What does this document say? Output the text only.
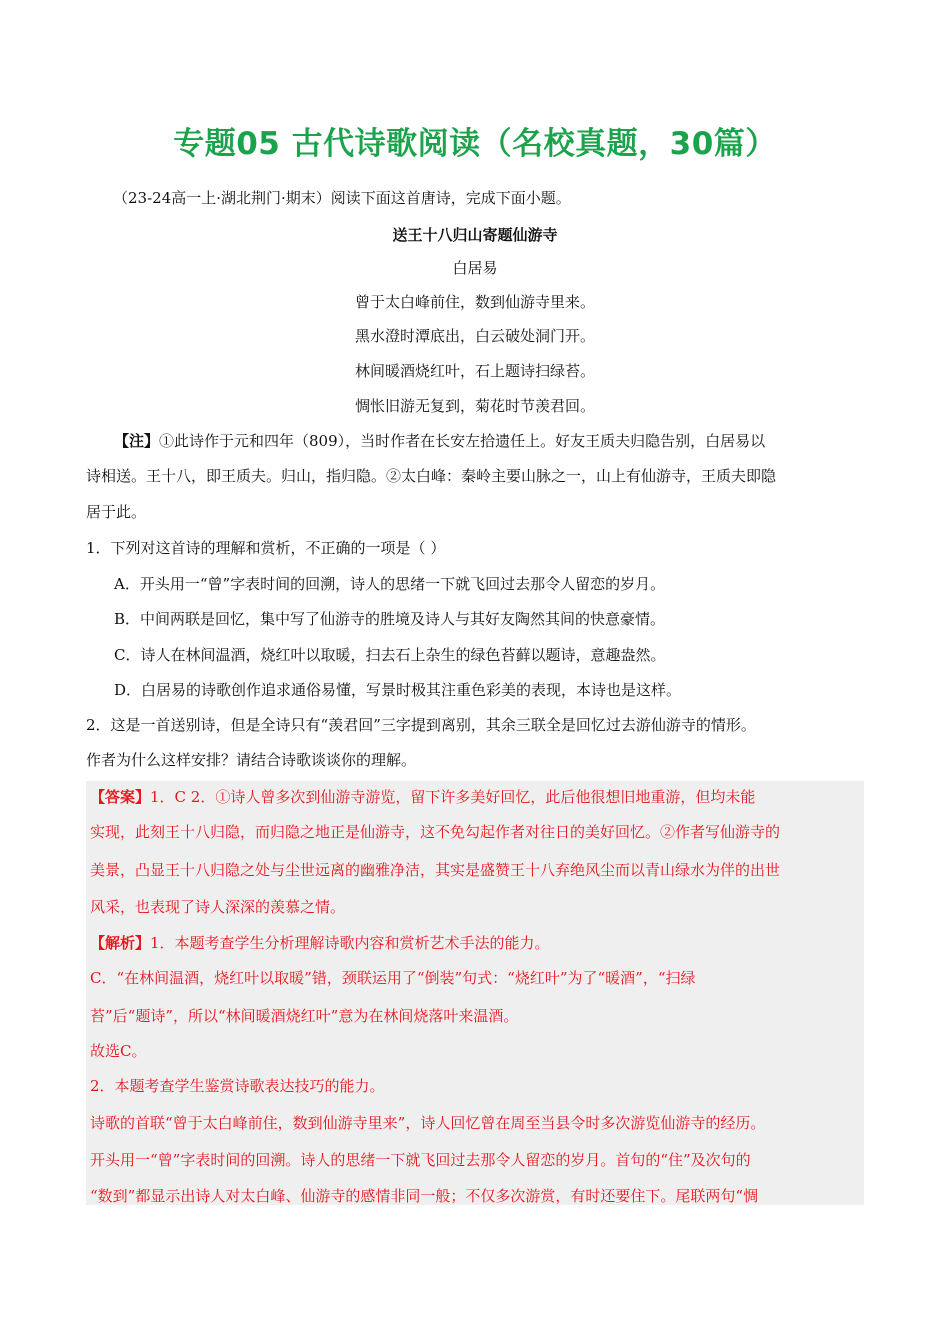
专题05 古代诗歌阅读（名校真题，30篇）
（23-24高一上·湖北荆门·期末）阅读下面这首唐诗，完成下面小题。
送王十八归山寄题仙游寺
白居易
曾于太白峰前住，数到仙游寺里来。
黑水澄时潭底出，白云破处洞门开。
林间暖酒烧红叶，石上题诗扫绿苔。
惆怅旧游无复到，菊花时节羡君回。
【注】①此诗作于元和四年（809），当时作者在长安左拾遗任上。好友王质夫归隐告别，白居易以
诗相送。王十八，即王质夫。归山，指归隐。②太白峰：秦岭主要山脉之一，山上有仙游寺，王质夫即隐
居于此。
1．下列对这首诗的理解和赏析，不正确的一项是（ ）
A．开头用一“曾”字表时间的回溯，诗人的思绪一下就飞回过去那令人留恋的岁月。
B．中间两联是回忆，集中写了仙游寺的胜境及诗人与其好友陶然其间的快意豪情。
C．诗人在林间温酒，烧红叶以取暖，扫去石上杂生的绿色苔藓以题诗，意趣盎然。
D．白居易的诗歌创作追求通俗易懂，写景时极其注重色彩美的表现，本诗也是这样。
2．这是一首送别诗，但是全诗只有“羡君回”三字提到离别，其余三联全是回忆过去游仙游寺的情形。
作者为什么这样安排？请结合诗歌谈谈你的理解。
【答案】1．C 2．①诗人曾多次到仙游寺游览，留下许多美好回忆，此后他很想旧地重游，但均未能
实现，此刻王十八归隐，而归隐之地正是仙游寺，这不免勾起作者对往日的美好回忆。②作者写仙游寺的
美景，凸显王十八归隐之处与尘世远离的幽雅净洁，其实是盛赞王十八弃绝风尘而以青山绿水为伴的出世
风采，也表现了诗人深深的羡慕之情。
【解析】1．本题考查学生分析理解诗歌内容和赏析艺术手法的能力。
C．“在林间温酒，烧红叶以取暖”错，颈联运用了“倒装”句式：“烧红叶”为了“暖酒”，“扫绿
苔”后“题诗”，所以“林间暖酒烧红叶”意为在林间烧落叶来温酒。
故选C。
2．本题考查学生鉴赏诗歌表达技巧的能力。
诗歌的首联“曾于太白峰前住，数到仙游寺里来”，诗人回忆曾在周至当县令时多次游览仙游寺的经历。
开头用一“曾”字表时间的回溯。诗人的思绪一下就飞回过去那令人留恋的岁月。首句的“住”及次句的
“数到”都显示出诗人对太白峰、仙游寺的感情非同一般；不仅多次游赏，有时还要住下。尾联两句“惆
